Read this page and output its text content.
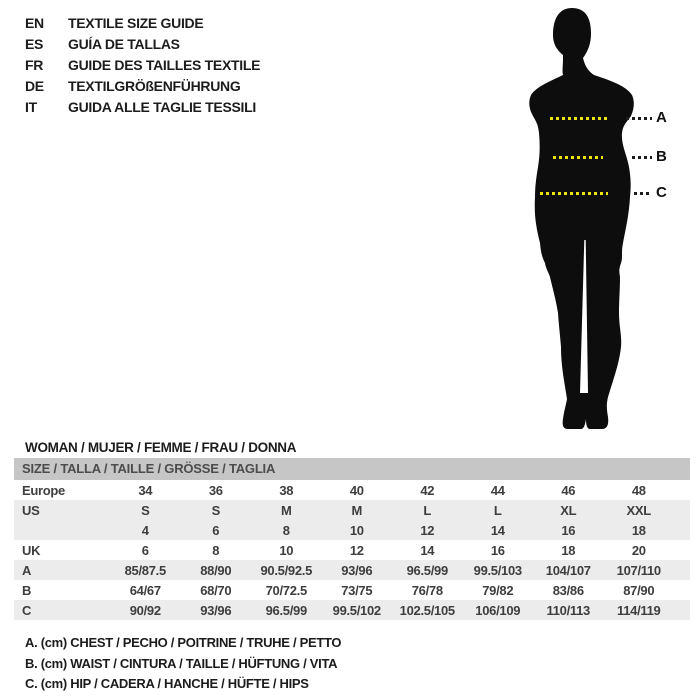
EN TEXTILE SIZE GUIDE
ES GUÍA DE TALLAS
FR GUIDE DES TAILLES TEXTILE
DE TEXTILGRÖßENFÜHRUNG
IT GUIDA ALLE TAGLIE TESSILI
A
B
C
WOMAN / MUJER / FEMME / FRAU / DONNA
SIZE / TALLA / TAILLE / GRÖSSE / TAGLIA
Europe	34	36	38	40	42	44	46	48	
US	S	S	M	M	L	L	XL	XXL	
	4	6	8	10	12	14	16	18	
UK	6	8	10	12	14	16	18	20	
A	85/87.5	88/90	90.5/92.5	93/96	96.5/99	99.5/103	104/107	107/110	
B	64/67	68/70	70/72.5	73/75	76/78	79/82	83/86	87/90	
C	90/92	93/96	96.5/99	99.5/102	102.5/105	106/109	110/113	114/119	
A. (cm) CHEST / PECHO / POITRINE / TRUHE / PETTO
B. (cm) WAIST / CINTURA / TAILLE / HÜFTUNG / VITA
C. (cm) HIP / CADERA / HANCHE / HÜFTE / HIPS
